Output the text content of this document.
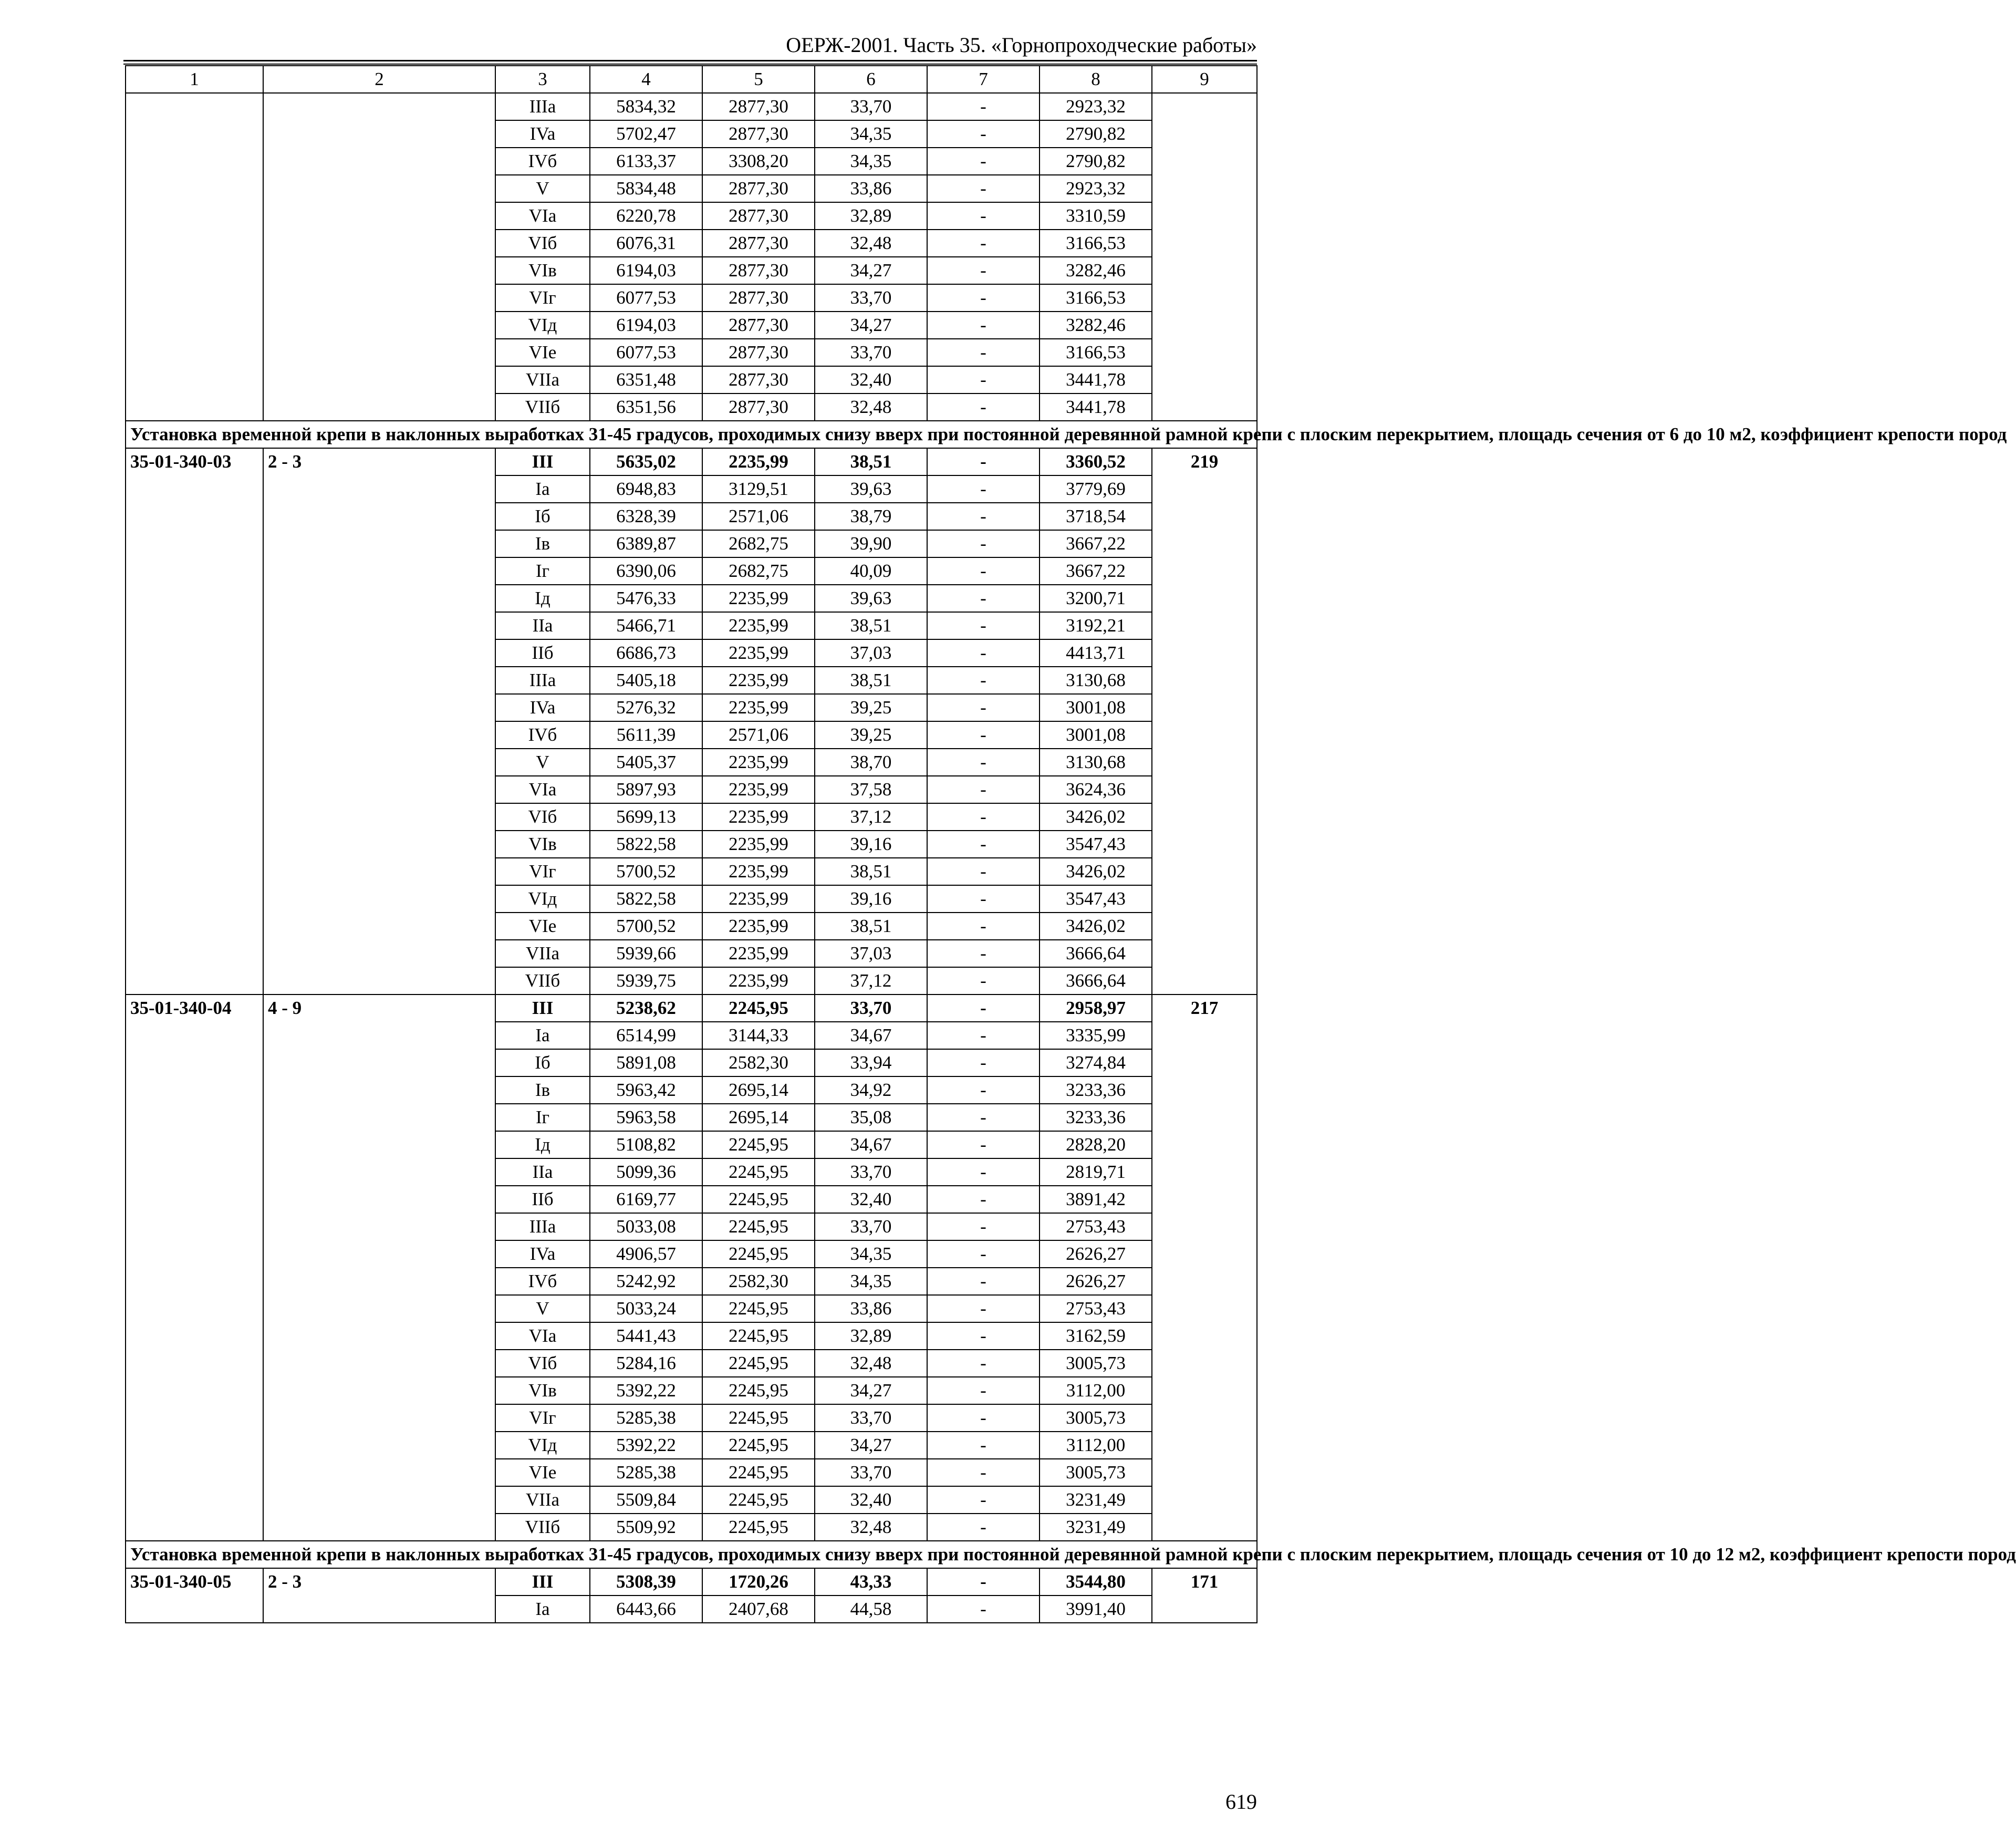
ОЕРЖ-2001. Часть 35. «Горнопроходческие работы»
1	2	3	4	5	6	7	8	9
		IIIa	5834,32	2877,30	33,70	-	2923,32	
		IVa	5702,47	2877,30	34,35	-	2790,82	
		IVб	6133,37	3308,20	34,35	-	2790,82	
		V	5834,48	2877,30	33,86	-	2923,32	
		VIa	6220,78	2877,30	32,89	-	3310,59	
		VIб	6076,31	2877,30	32,48	-	3166,53	
		VIв	6194,03	2877,30	34,27	-	3282,46	
		VIг	6077,53	2877,30	33,70	-	3166,53	
		VIд	6194,03	2877,30	34,27	-	3282,46	
		VIe	6077,53	2877,30	33,70	-	3166,53	
		VIIa	6351,48	2877,30	32,40	-	3441,78	
		VIIб	6351,56	2877,30	32,48	-	3441,78	
Установка временной крепи в наклонных выработках 31-45 градусов, проходимых снизу вверх при постоянной деревянной рамной крепи с плоским перекрытием, площадь сечения от 6 до 10 м2, коэффициент крепости пород								
35-01-340-03	2 - 3	III	5635,02	2235,99	38,51	-	3360,52	219
		Ia	6948,83	3129,51	39,63	-	3779,69	
		Iб	6328,39	2571,06	38,79	-	3718,54	
		Iв	6389,87	2682,75	39,90	-	3667,22	
		Iг	6390,06	2682,75	40,09	-	3667,22	
		Iд	5476,33	2235,99	39,63	-	3200,71	
		IIa	5466,71	2235,99	38,51	-	3192,21	
		IIб	6686,73	2235,99	37,03	-	4413,71	
		IIIa	5405,18	2235,99	38,51	-	3130,68	
		IVa	5276,32	2235,99	39,25	-	3001,08	
		IVб	5611,39	2571,06	39,25	-	3001,08	
		V	5405,37	2235,99	38,70	-	3130,68	
		VIa	5897,93	2235,99	37,58	-	3624,36	
		VIб	5699,13	2235,99	37,12	-	3426,02	
		VIв	5822,58	2235,99	39,16	-	3547,43	
		VIг	5700,52	2235,99	38,51	-	3426,02	
		VIд	5822,58	2235,99	39,16	-	3547,43	
		VIe	5700,52	2235,99	38,51	-	3426,02	
		VIIa	5939,66	2235,99	37,03	-	3666,64	
		VIIб	5939,75	2235,99	37,12	-	3666,64	
35-01-340-04	4 - 9	III	5238,62	2245,95	33,70	-	2958,97	217
		Ia	6514,99	3144,33	34,67	-	3335,99	
		Iб	5891,08	2582,30	33,94	-	3274,84	
		Iв	5963,42	2695,14	34,92	-	3233,36	
		Iг	5963,58	2695,14	35,08	-	3233,36	
		Iд	5108,82	2245,95	34,67	-	2828,20	
		IIa	5099,36	2245,95	33,70	-	2819,71	
		IIб	6169,77	2245,95	32,40	-	3891,42	
		IIIa	5033,08	2245,95	33,70	-	2753,43	
		IVa	4906,57	2245,95	34,35	-	2626,27	
		IVб	5242,92	2582,30	34,35	-	2626,27	
		V	5033,24	2245,95	33,86	-	2753,43	
		VIa	5441,43	2245,95	32,89	-	3162,59	
		VIб	5284,16	2245,95	32,48	-	3005,73	
		VIв	5392,22	2245,95	34,27	-	3112,00	
		VIг	5285,38	2245,95	33,70	-	3005,73	
		VIд	5392,22	2245,95	34,27	-	3112,00	
		VIe	5285,38	2245,95	33,70	-	3005,73	
		VIIa	5509,84	2245,95	32,40	-	3231,49	
		VIIб	5509,92	2245,95	32,48	-	3231,49	
Установка временной крепи в наклонных выработках 31-45 градусов, проходимых снизу вверх при постоянной деревянной рамной крепи с плоским перекрытием, площадь сечения от 10 до 12 м2, коэффициент крепости пород								
35-01-340-05	2 - 3	III	5308,39	1720,26	43,33	-	3544,80	171
		Ia	6443,66	2407,68	44,58	-	3991,40	
619
